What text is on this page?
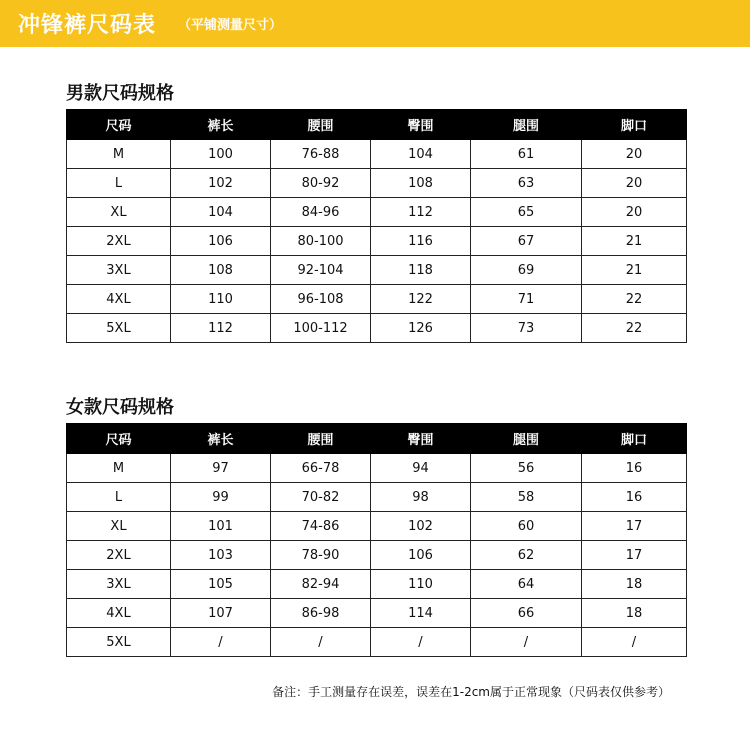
冲锋裤尺码表 （平铺测量尺寸）
男款尺码规格
尺码	裤长	腰围	臀围	腿围	脚口
M	100	76-88	104	61	20
L	102	80-92	108	63	20
XL	104	84-96	112	65	20
2XL	106	80-100	116	67	21
3XL	108	92-104	118	69	21
4XL	110	96-108	122	71	22
5XL	112	100-112	126	73	22
女款尺码规格
尺码	裤长	腰围	臀围	腿围	脚口
M	97	66-78	94	56	16
L	99	70-82	98	58	16
XL	101	74-86	102	60	17
2XL	103	78-90	106	62	17
3XL	105	82-94	110	64	18
4XL	107	86-98	114	66	18
5XL	/	/	/	/	/
备注：手工测量存在误差，误差在1-2cm属于正常现象（尺码表仅供参考）
